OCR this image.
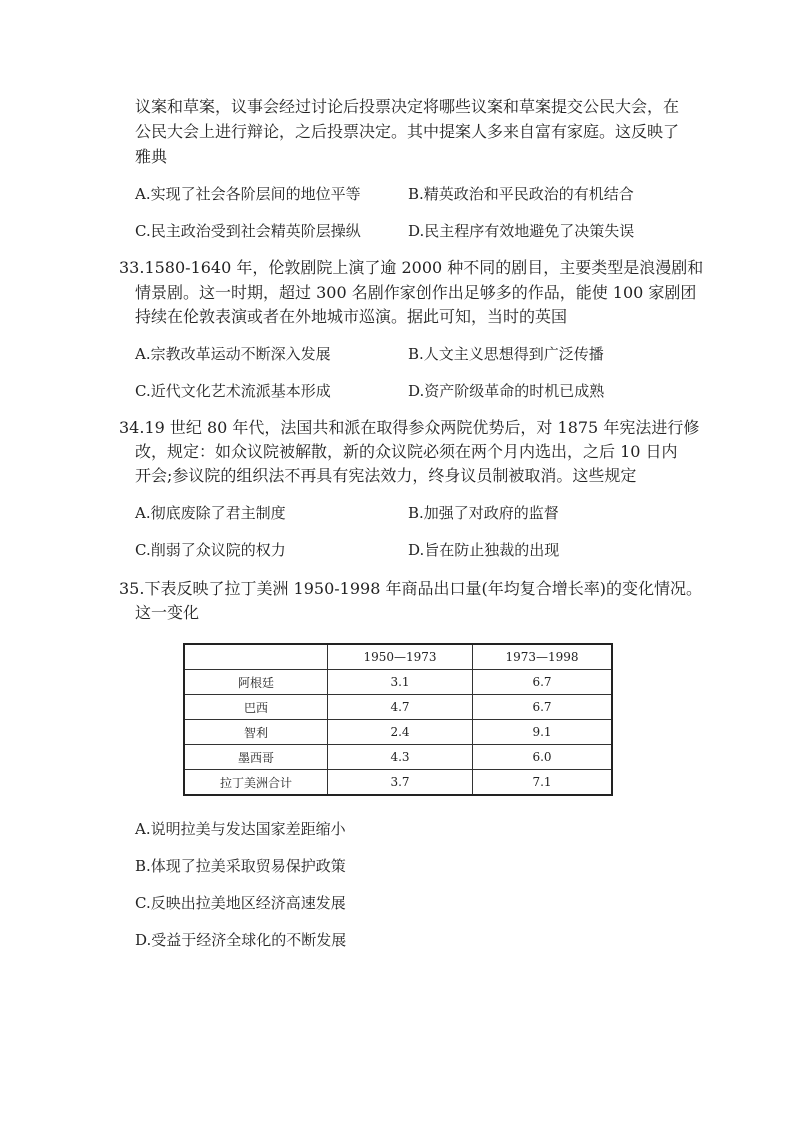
议案和草案，议事会经过讨论后投票决定将哪些议案和草案提交公民大会，在
公民大会上进行辩论，之后投票决定。其中提案人多来自富有家庭。这反映了
雅典
A.实现了社会各阶层间的地位平等	B.精英政治和平民政治的有机结合
C.民主政治受到社会精英阶层操纵	D.民主程序有效地避免了决策失误
33.1580-1640 年，伦敦剧院上演了逾 2000 种不同的剧目，主要类型是浪漫剧和
情景剧。这一时期，超过 300 名剧作家创作出足够多的作品，能使 100 家剧团
持续在伦敦表演或者在外地城市巡演。据此可知，当时的英国
A.宗教改革运动不断深入发展	B.人文主义思想得到广泛传播
C.近代文化艺术流派基本形成	D.资产阶级革命的时机已成熟
34.19 世纪 80 年代，法国共和派在取得参众两院优势后，对 1875 年宪法进行修
改，规定：如众议院被解散，新的众议院必须在两个月内选出，之后 10 日内
开会;参议院的组织法不再具有宪法效力，终身议员制被取消。这些规定
A.彻底废除了君主制度	B.加强了对政府的监督
C.削弱了众议院的权力	D.旨在防止独裁的出现
35.下表反映了拉丁美洲 1950-1998 年商品出口量(年均复合增长率)的变化情况。
这一变化
	1950—1973	1973—1998
阿根廷	3.1	6.7
巴西	4.7	6.7
智利	2.4	9.1
墨西哥	4.3	6.0
拉丁美洲合计	3.7	7.1
A.说明拉美与发达国家差距缩小
B.体现了拉美采取贸易保护政策
C.反映出拉美地区经济高速发展
D.受益于经济全球化的不断发展
